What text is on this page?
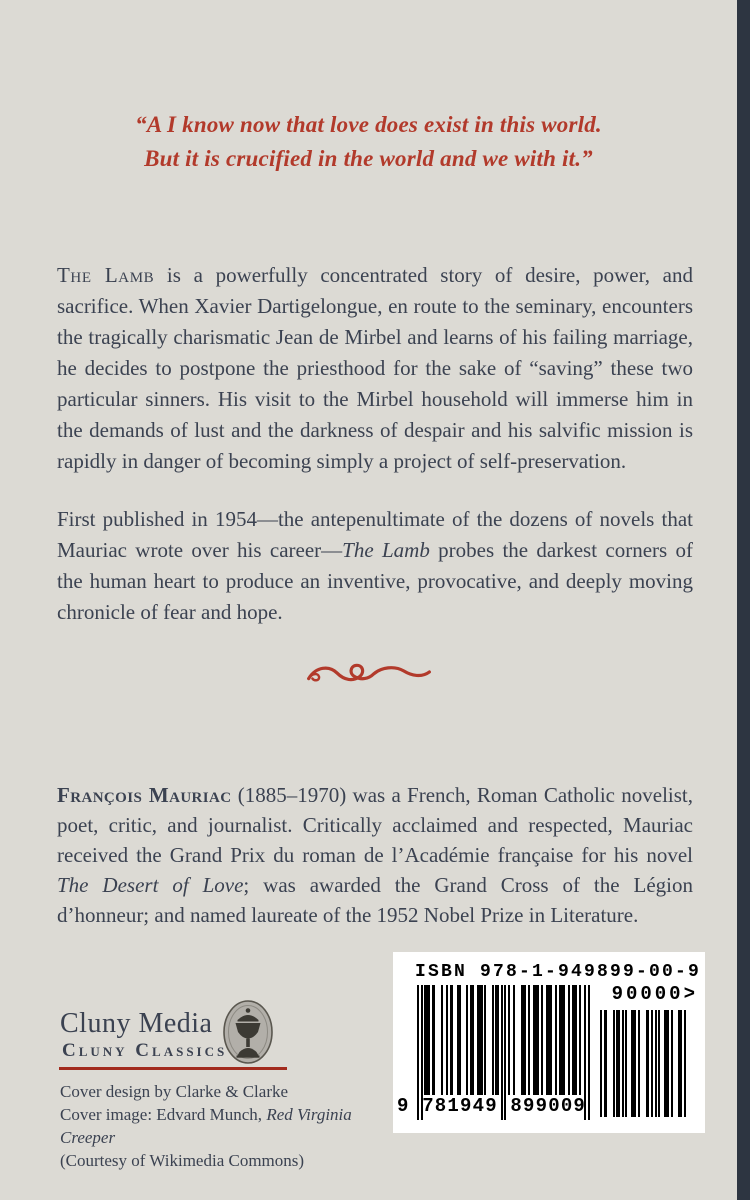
“A I know now that love does exist in this world.
But it is crucified in the world and we with it.”

The Lamb is a powerfully concentrated story of desire, power, and sacrifice. When Xavier Dartigelongue, en route to the seminary, encounters the tragically charismatic Jean de Mirbel and learns of his failing marriage, he decides to postpone the priesthood for the sake of “saving” these two particular sinners. His visit to the Mirbel household will immerse him in the demands of lust and the darkness of despair and his salvific mission is rapidly in danger of becoming simply a project of self-preservation.

First published in 1954—the antepenultimate of the dozens of novels that Mauriac wrote over his career—The Lamb probes the darkest corners of the human heart to produce an inventive, provocative, and deeply moving chronicle of fear and hope.

François Mauriac (1885–1970) was a French, Roman Catholic novelist, poet, critic, and journalist. Critically acclaimed and respected, Mauriac received the Grand Prix du roman de l’Académie française for his novel The Desert of Love; was awarded the Grand Cross of the Légion d’honneur; and named laureate of the 1952 Nobel Prize in Literature.
Cluny Media
Cluny Classics
Cover design by Clarke & Clarke
Cover image: Edvard Munch, Red Virginia Creeper
(Courtesy of Wikimedia Commons)
ISBN 978-1-949899-00-9
90000>
9 781949 899009
